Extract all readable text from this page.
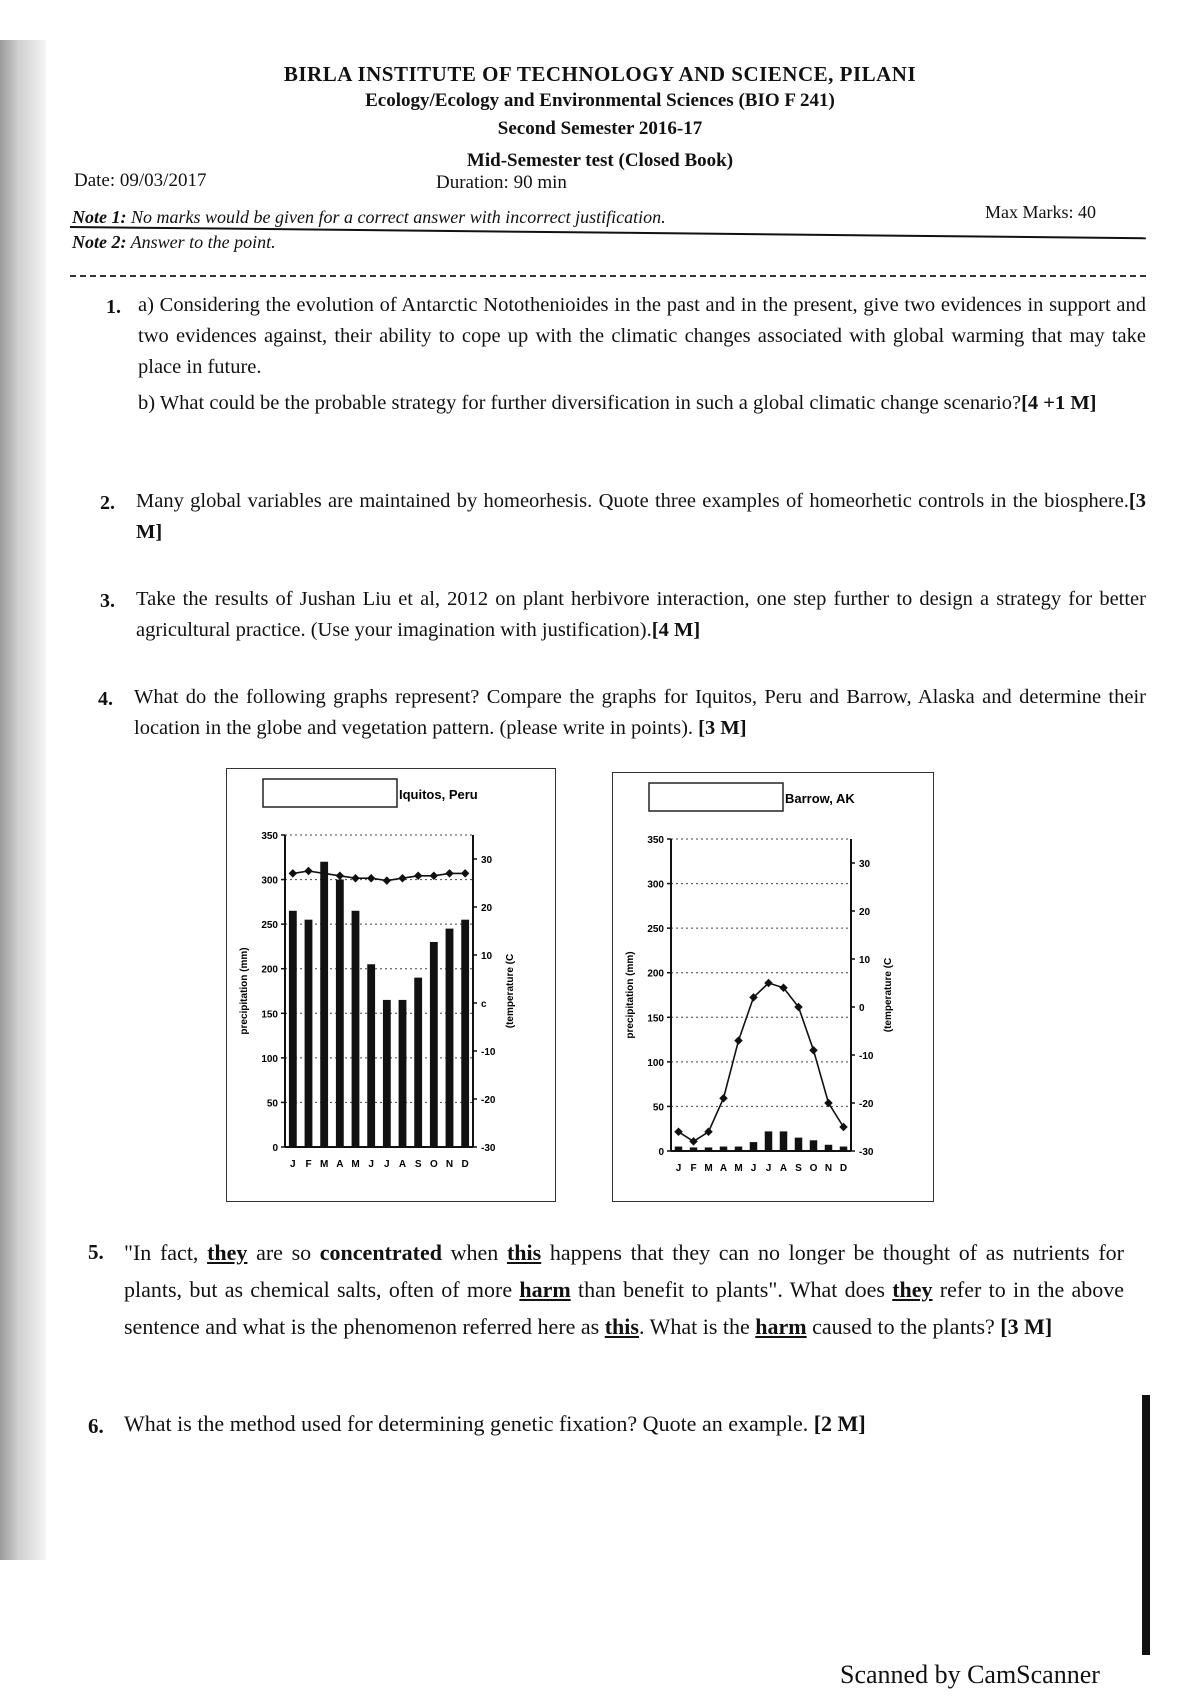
BIRLA INSTITUTE OF TECHNOLOGY AND SCIENCE, PILANI
Ecology/Ecology and Environmental Sciences (BIO F 241)
Second Semester 2016-17
Mid-Semester test (Closed Book)
Date: 09/03/2017	Duration: 90 min
Max Marks: 40
Note 1: No marks would be given for a correct answer with incorrect justification.
Note 2: Answer to the point.
1. a) Considering the evolution of Antarctic Notothenioides in the past and in the present, give two evidences in support and two evidences against, their ability to cope up with the climatic changes associated with global warming that may take place in future.
b) What could be the probable strategy for further diversification in such a global climatic change scenario?[4 +1 M]
2. Many global variables are maintained by homeorhesis. Quote three examples of homeorhetic controls in the biosphere.[3 M]
3. Take the results of Jushan Liu et al, 2012 on plant herbivore interaction, one step further to design a strategy for better agricultural practice. (Use your imagination with justification).[4 M]
4. What do the following graphs represent? Compare the graphs for Iquitos, Peru and Barrow, Alaska and determine their location in the globe and vegetation pattern. (please write in points). [3 M]
Iquitos, Peru
0
50
100
150
200
250
300
350
-30
-20
-10
c
10
20
30
precipitation (mm)	(temperature (C
J F M A M J J A S O N D
Barrow, AK
0
50
100
150
200
250
300
350
-30
-20
-10
0
10
20
30
precipitation (mm)	(temperature (C
J F M A M J J A S O N D
5. "In fact, they are so concentrated when this happens that they can no longer be thought of as nutrients for plants, but as chemical salts, often of more harm than benefit to plants". What does they refer to in the above sentence and what is the phenomenon referred here as this. What is the harm caused to the plants? [3 M]
6. What is the method used for determining genetic fixation? Quote an example. [2 M]
Scanned by CamScanner
